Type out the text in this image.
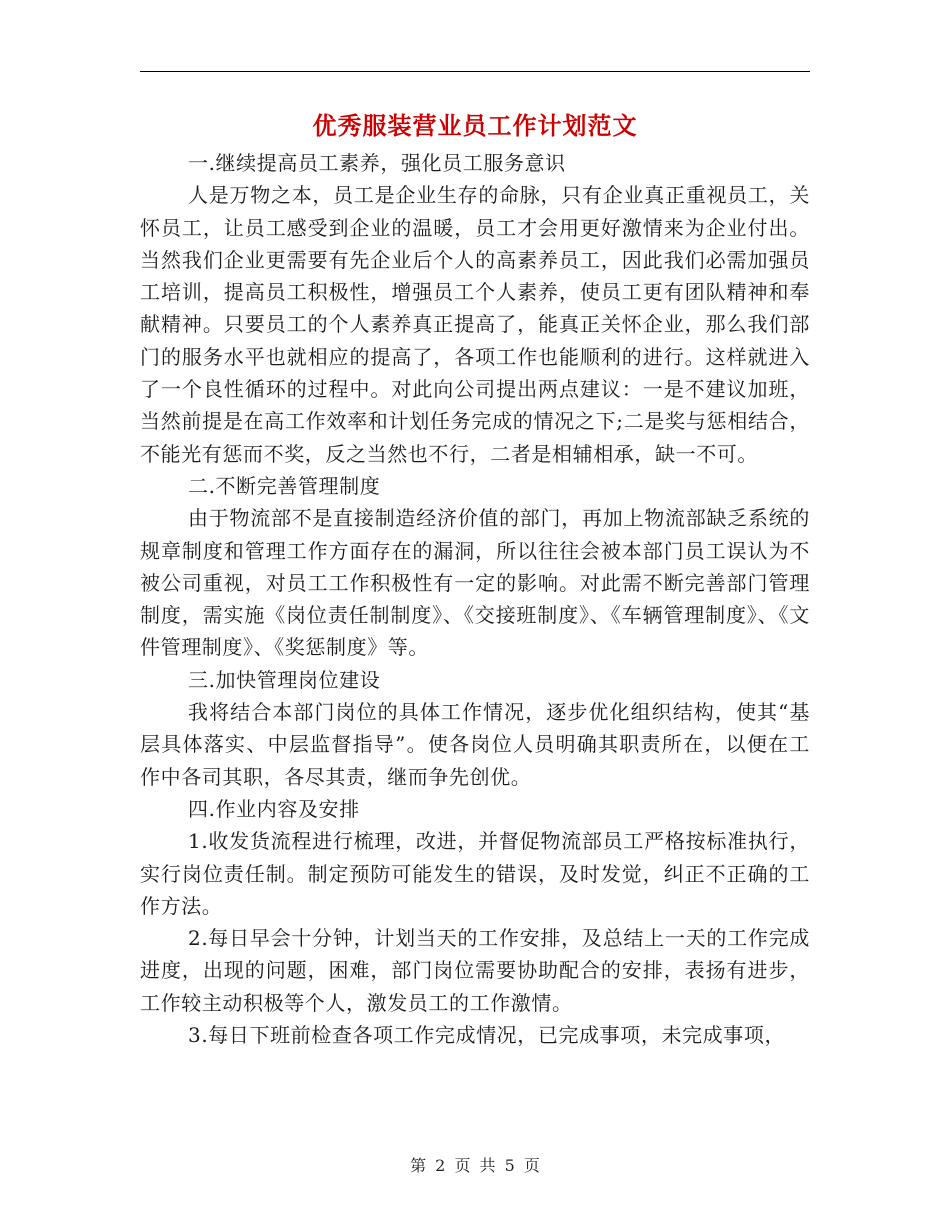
优秀服装营业员工作计划范文

一.继续提高员工素养，强化员工服务意识

人是万物之本，员工是企业生存的命脉，只有企业真正重视员工，关怀员工，让员工感受到企业的温暖，员工才会用更好激情来为企业付出。当然我们企业更需要有先企业后个人的高素养员工，因此我们必需加强员工培训，提高员工积极性，增强员工个人素养，使员工更有团队精神和奉献精神。只要员工的个人素养真正提高了，能真正关怀企业，那么我们部门的服务水平也就相应的提高了，各项工作也能顺利的进行。这样就进入了一个良性循环的过程中。对此向公司提出两点建议：一是不建议加班，当然前提是在高工作效率和计划任务完成的情况之下;二是奖与惩相结合，不能光有惩而不奖，反之当然也不行，二者是相辅相承，缺一不可。

二.不断完善管理制度

由于物流部不是直接制造经济价值的部门，再加上物流部缺乏系统的规章制度和管理工作方面存在的漏洞，所以往往会被本部门员工误认为不被公司重视，对员工工作积极性有一定的影响。对此需不断完善部门管理制度，需实施《岗位责任制制度》、《交接班制度》、《车辆管理制度》、《文件管理制度》、《奖惩制度》等。

三.加快管理岗位建设

我将结合本部门岗位的具体工作情况，逐步优化组织结构，使其“基层具体落实、中层监督指导”。使各岗位人员明确其职责所在，以便在工作中各司其职，各尽其责，继而争先创优。

四.作业内容及安排

1.收发货流程进行梳理，改进，并督促物流部员工严格按标准执行，实行岗位责任制。制定预防可能发生的错误，及时发觉，纠正不正确的工作方法。

2.每日早会十分钟，计划当天的工作安排，及总结上一天的工作完成进度，出现的问题，困难，部门岗位需要协助配合的安排，表扬有进步，工作较主动积极等个人，激发员工的工作激情。

3.每日下班前检查各项工作完成情况，已完成事项，未完成事项，

第 2 页 共 5 页
